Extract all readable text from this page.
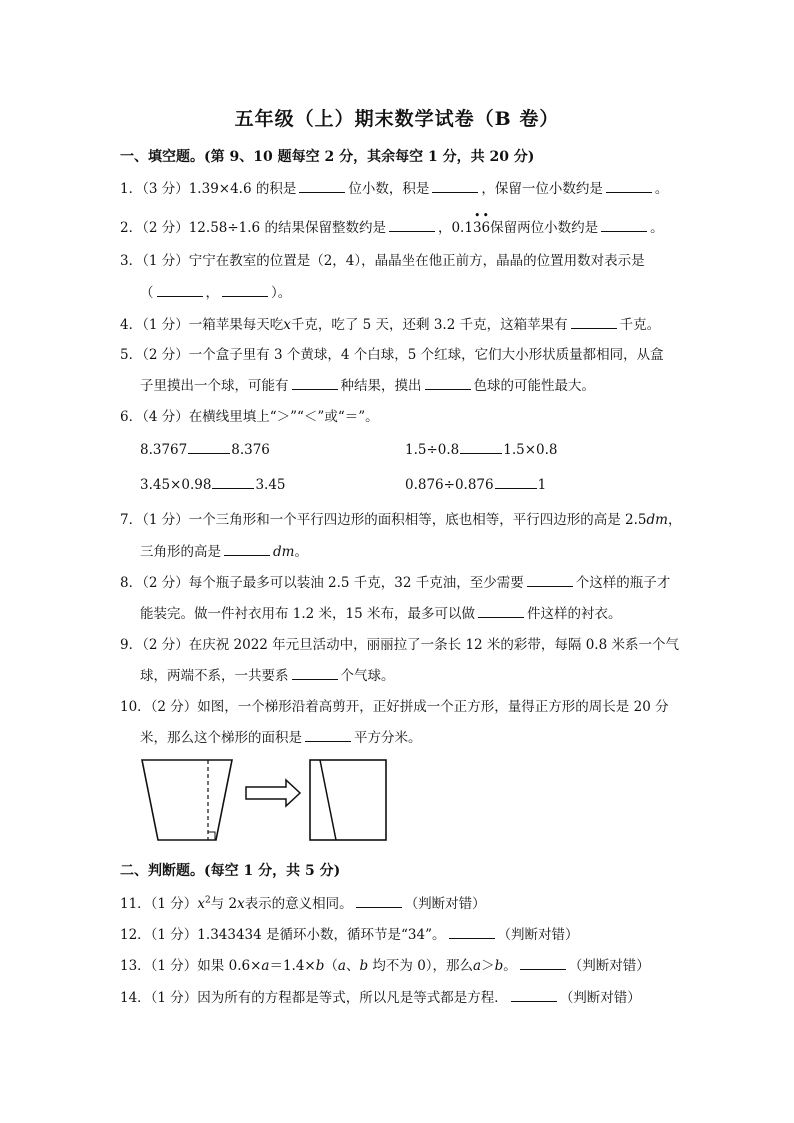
五年级（上）期末数学试卷（B 卷）
一、填空题。(第 9、10 题每空 2 分，其余每空 1 分，共 20 分)
1．（3 分）1.39×4.6 的积是	位小数，积是	，保留一位小数约是	。
2．（2 分）12.58÷1.6 的结果保留整数约是	，0.1
•
3
•
6保留两位小数约是	。
3．（1 分）宁宁在教室的位置是（2，4），晶晶坐在他正前方，晶晶的位置用数对表示是
（	，	）。
4．（1 分）一箱苹果每天吃x千克，吃了 5 天，还剩 3.2 千克，这箱苹果有	千克。
5．（2 分）一个盒子里有 3 个黄球，4 个白球，5 个红球，它们大小形状质量都相同，从盒
子里摸出一个球，可能有	种结果，摸出	色球的可能性最大。
6．（4 分）在横线里填上“＞”“＜”或“＝”。
8.3767	8.376	1.5÷0.8	1.5×0.8
3.45×0.98	3.45	0.876÷0.876	1
7．（1 分）一个三角形和一个平行四边形的面积相等，底也相等，平行四边形的高是 2.5dm，
三角形的高是	dm。
8．（2 分）每个瓶子最多可以装油 2.5 千克，32 千克油，至少需要	个这样的瓶子才
能装完。做一件衬衣用布 1.2 米，15 米布，最多可以做	件这样的衬衣。
9．（2 分）在庆祝 2022 年元旦活动中，丽丽拉了一条长 12 米的彩带，每隔 0.8 米系一个气
球，两端不系，一共要系	个气球。
10．（2 分）如图，一个梯形沿着高剪开，正好拼成一个正方形，量得正方形的周长是 20 分
米，那么这个梯形的面积是	平方分米。
二、判断题。(每空 1 分，共 5 分)
11．（1 分）$x^2$与 2x表示的意义相同。	（判断对错）
12．（1 分）1.343434 是循环小数，循环节是“34”。	（判断对错）
13．（1 分）如果 0.6×a＝1.4×b（a、b 均不为 0），那么a＞b。	（判断对错）
14．（1 分）因为所有的方程都是等式，所以凡是等式都是方程．	（判断对错）
